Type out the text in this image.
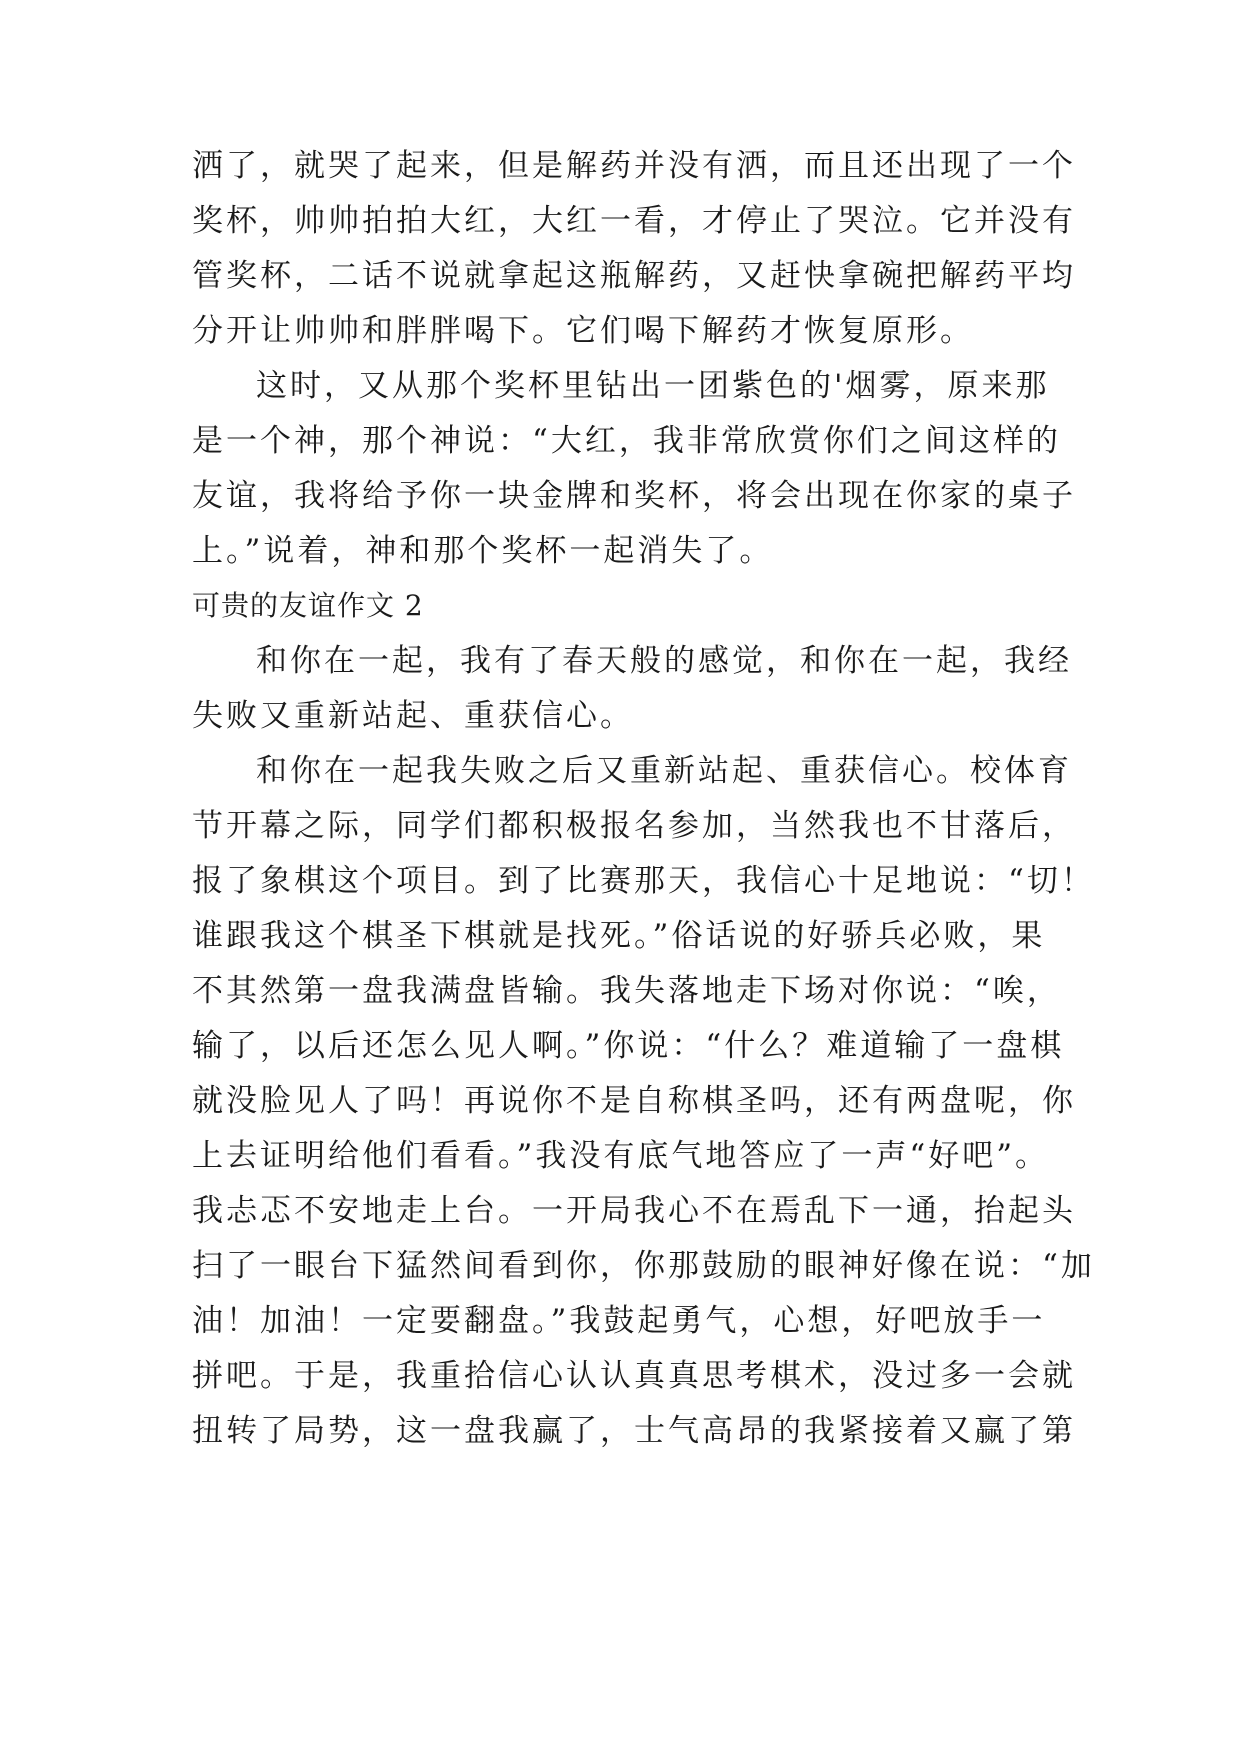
洒了，就哭了起来，但是解药并没有洒，而且还出现了一个
奖杯，帅帅拍拍大红，大红一看，才停止了哭泣。它并没有
管奖杯，二话不说就拿起这瓶解药，又赶快拿碗把解药平均
分开让帅帅和胖胖喝下。它们喝下解药才恢复原形。
这时，又从那个奖杯里钻出一团紫色的'烟雾，原来那
是一个神，那个神说：“大红，我非常欣赏你们之间这样的
友谊，我将给予你一块金牌和奖杯，将会出现在你家的桌子
上。”说着，神和那个奖杯一起消失了。
可贵的友谊作文 2
和你在一起，我有了春天般的感觉，和你在一起，我经
失败又重新站起、重获信心。
和你在一起我失败之后又重新站起、重获信心。校体育
节开幕之际，同学们都积极报名参加，当然我也不甘落后，
报了象棋这个项目。到了比赛那天，我信心十足地说：“切！
谁跟我这个棋圣下棋就是找死。”俗话说的好骄兵必败，果
不其然第一盘我满盘皆输。我失落地走下场对你说：“唉，
输了，以后还怎么见人啊。”你说：“什么？难道输了一盘棋
就没脸见人了吗！再说你不是自称棋圣吗，还有两盘呢，你
上去证明给他们看看。”我没有底气地答应了一声“好吧”。
我忐忑不安地走上台。一开局我心不在焉乱下一通，抬起头
扫了一眼台下猛然间看到你，你那鼓励的眼神好像在说：“加
油！加油！一定要翻盘。”我鼓起勇气，心想，好吧放手一
拼吧。于是，我重拾信心认认真真思考棋术，没过多一会就
扭转了局势，这一盘我赢了，士气高昂的我紧接着又赢了第
